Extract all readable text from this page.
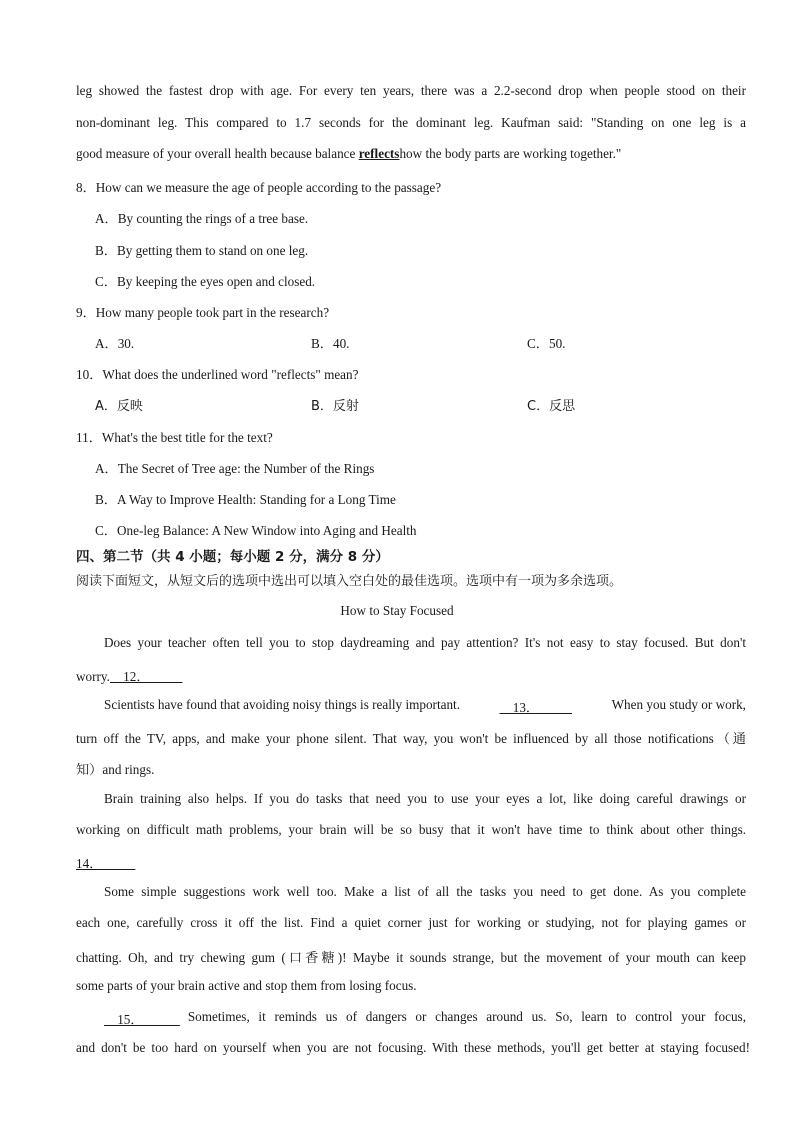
leg showed the fastest drop with age. For every ten years, there was a 2.2-second drop when people stood on their
non-dominant leg. This compared to 1.7 seconds for the dominant leg. Kaufman said: "Standing on one leg is a
good measure of your overall health because balance reflectshow the body parts are working together."
8．How can we measure the age of people according to the passage?
A．By counting the rings of a tree base.
B．By getting them to stand on one leg.
C．By keeping the eyes open and closed.
9．How many people took part in the research?
A．30.	B．40.	C．50.
10．What does the underlined word "reflects" mean?
A．反映	B．反射	C．反思
11．What's the best title for the text?
A．The Secret of Tree age: the Number of the Rings
B．A Way to Improve Health: Standing for a Long Time
C．One-leg Balance: A New Window into Aging and Health
四、第二节（共 4 小题；每小题 2 分，满分 8 分）
阅读下面短文，从短文后的选项中选出可以填入空白处的最佳选项。选项中有一项为多余选项。
How to Stay Focused
Does your teacher often tell you to stop daydreaming and pay attention? It's not easy to stay focused. But don't
worry.    12．
Scientists have found that avoiding noisy things is really important.	13．	When you study or work,
turn off the TV, apps, and make your phone silent. That way, you won't be influenced by all those notifications（通
知）and rings.
Brain training also helps. If you do tasks that need you to use your eyes a lot, like doing careful drawings or
working on difficult math problems, your brain will be so busy that it won't have time to think about other things.
14．
Some simple suggestions work well too. Make a list of all the tasks you need to get done. As you complete
each one, carefully cross it off the list. Find a quiet corner just for working or studying, not for playing games or
chatting. Oh, and try chewing gum (口香糖)! Maybe it sounds strange, but the movement of your mouth can keep
some parts of your brain active and stop them from losing focus.
15． Sometimes, it reminds us of dangers or changes around us. So, learn to control your focus,
and don't be too hard on yourself when you are not focusing. With these methods, you'll get better at staying focused!
